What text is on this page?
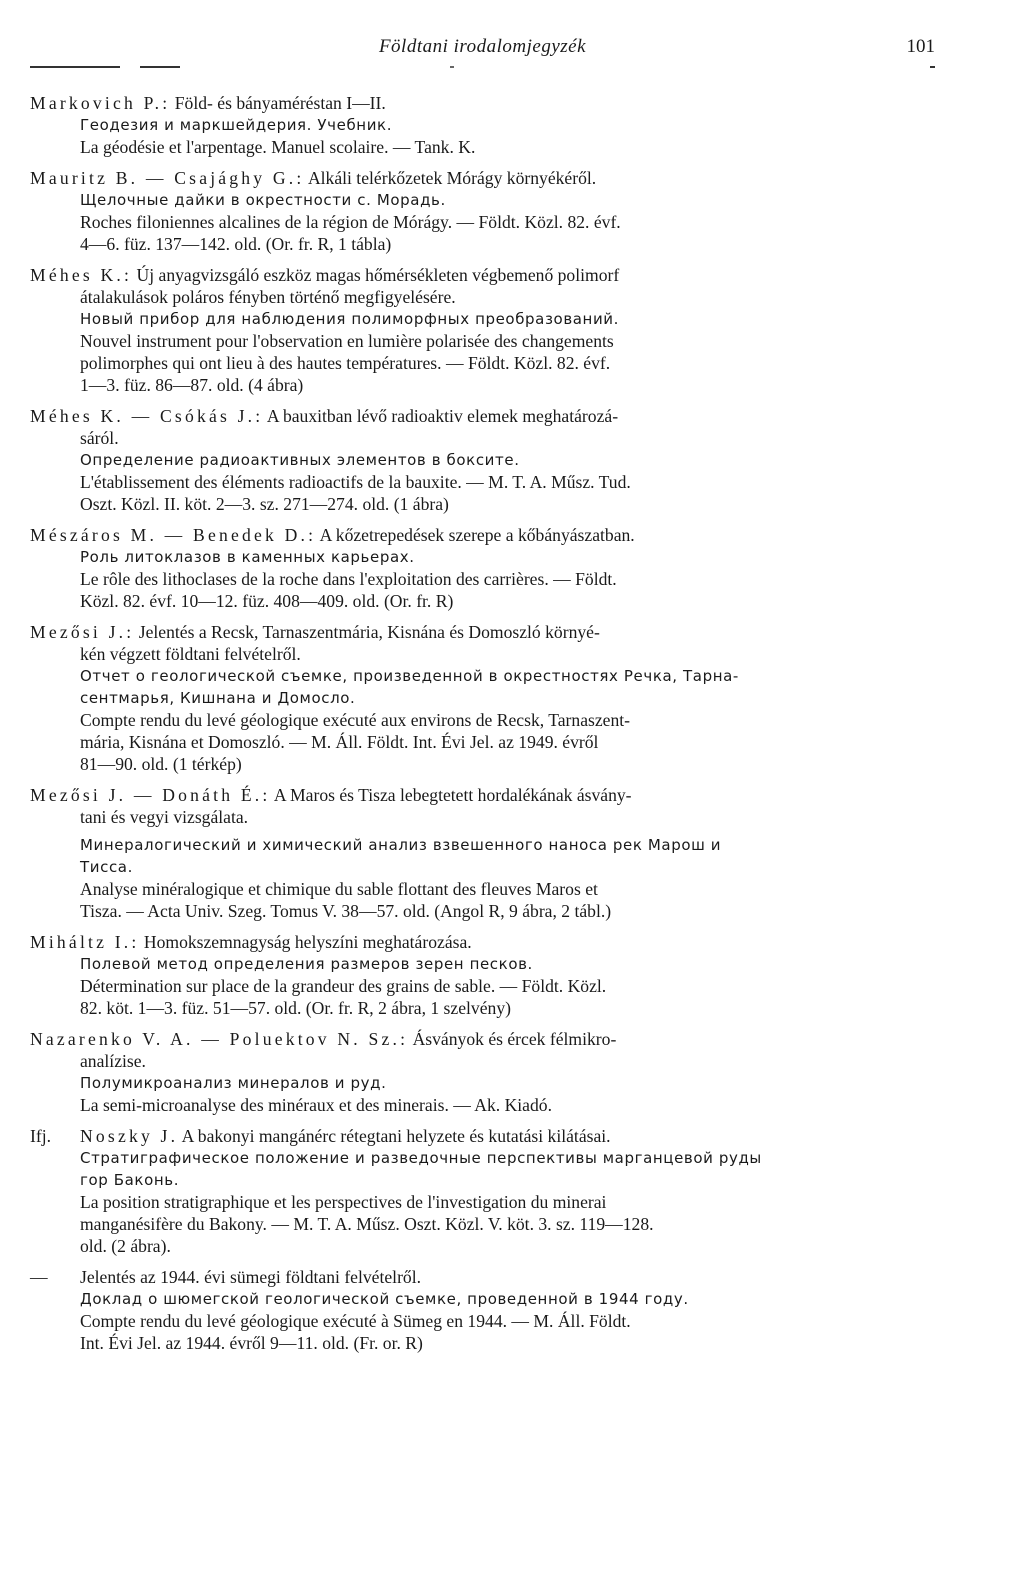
Földtani irodalomjegyzék	101
Markovich P.: Föld- és bányaméréstan I—II.
Геодезия и маркшейдерия. Учебник.
La géodésie et l'arpentage. Manuel scolaire. — Tank. K.
Mauritz B. — Csajághy G.: Alkáli telérkőzetek Mórágy környékéről.
Щелочные дайки в окрестности с. Морадь.
Roches filoniennes alcalines de la région de Mórágy. — Földt. Közl. 82. évf.
4—6. füz. 137—142. old. (Or. fr. R, 1 tábla)
Méhes K.: Új anyagvizsgáló eszköz magas hőmérsékleten végbemenő polimorf
átalakulások poláros fényben történő megfigyelésére.
Новый прибор для наблюдения полиморфных преобразований.
Nouvel instrument pour l'observation en lumière polarisée des changements
polimorphes qui ont lieu à des hautes températures. — Földt. Közl. 82. évf.
1—3. füz. 86—87. old. (4 ábra)
Méhes K. — Csókás J.: A bauxitban lévő radioaktiv elemek meghatározá-
sáról.
Определение радиоактивных элементов в боксите.
L'établissement des éléments radioactifs de la bauxite. — M. T. A. Műsz. Tud.
Oszt. Közl. II. köt. 2—3. sz. 271—274. old. (1 ábra)
Mészáros M. — Benedek D.: A kőzetrepedések szerepe a kőbányászatban.
Роль литоклазов в каменных карьерах.
Le rôle des lithoclases de la roche dans l'exploitation des carrières. — Földt.
Közl. 82. évf. 10—12. füz. 408—409. old. (Or. fr. R)
Mezősi J.: Jelentés a Recsk, Tarnaszentmária, Kisnána és Domoszló környé-
kén végzett földtani felvételről.
Отчет о геологической съемке, произведенной в окрестностях Речка, Тарна-
сентмарья, Кишнана и Домосло.
Compte rendu du levé géologique exécuté aux environs de Recsk, Tarnaszent-
mária, Kisnána et Domoszló. — M. Áll. Földt. Int. Évi Jel. az 1949. évről
81—90. old. (1 térkép)
Mezősi J. — Donáth É.: A Maros és Tisza lebegtetett hordalékának ásvány-
tani és vegyi vizsgálata.
Минералогический и химический анализ взвешенного наноса рек Марош и
Тисса.
Analyse minéralogique et chimique du sable flottant des fleuves Maros et
Tisza. — Acta Univ. Szeg. Tomus V. 38—57. old. (Angol R, 9 ábra, 2 tábl.)
Miháltz I.: Homokszemnagyság helyszíni meghatározása.
Полевой метод определения размеров зерен песков.
Détermination sur place de la grandeur des grains de sable. — Földt. Közl.
82. köt. 1—3. füz. 51—57. old. (Or. fr. R, 2 ábra, 1 szelvény)
Nazarenko V. A. — Poluektov N. Sz.: Ásványok és ércek félmikro-
analízise.
Полумикроанализ минералов и руд.
La semi-microanalyse des minéraux et des minerais. — Ak. Kiadó.
Ifj. Noszky J. A bakonyi mangánérc rétegtani helyzete és kutatási kilátásai.
Стратиграфическое положение и разведочные перспективы марганцевой руды
гор Баконь.
La position stratigraphique et les perspectives de l'investigation du minerai
manganésifère du Bakony. — M. T. A. Műsz. Oszt. Közl. V. köt. 3. sz. 119—128.
old. (2 ábra).
— Jelentés az 1944. évi sümegi földtani felvételről.
Доклад о шюмегской геологической съемке, проведенной в 1944 году.
Compte rendu du levé géologique exécuté à Sümeg en 1944. — M. Áll. Földt.
Int. Évi Jel. az 1944. évről 9—11. old. (Fr. or. R)
